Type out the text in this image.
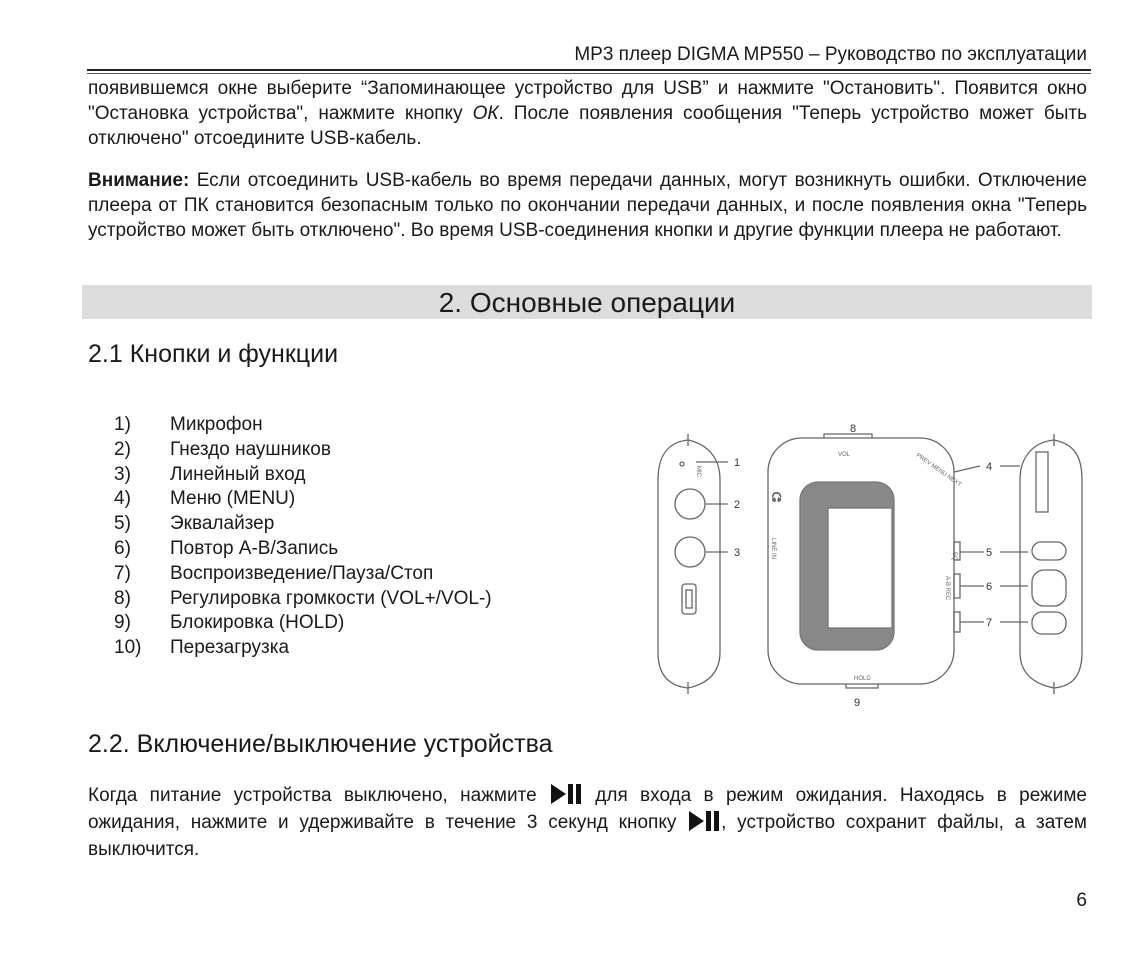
MP3 плеер DIGMA MP550 – Руководство по эксплуатации

появившемся окне выберите “Запоминающее устройство для USB” и нажмите "Остановить". Появится окно "Остановка устройства", нажмите кнопку ОК. После появления сообщения "Теперь устройство может быть отключено" отсоедините USB-кабель.

Внимание: Если отсоединить USB-кабель во время передачи данных, могут возникнуть ошибки. Отключение плеера от ПК становится безопасным только по окончании передачи данных, и после появления окна "Теперь устройство может быть отключено". Во время USB-соединения кнопки и другие функции плеера не работают.

2. Основные операции
2.1 Кнопки и функции
1) Микрофон
2) Гнездо наушников
3) Линейный вход
4) Меню (MENU)
5) Эквалайзер
6) Повтор А-В/Запись
7) Воспроизведение/Пауза/Стоп
8) Регулировка громкости (VOL+/VOL-)
9) Блокировка (HOLD)
10) Перезагрузка
MIC
LINE IN
🎧
1
2
3
VOL
8
HOLD
9
PREV MENU NEXT
EQ
A-B REC
4
5
6
7
2.2. Включение/выключение устройства

Когда питание устройства выключено, нажмите  для входа в режим ожидания. Находясь в режиме ожидания, нажмите и удерживайте в течение 3 секунд кнопку , устройство сохранит файлы, а затем выключится.

6
